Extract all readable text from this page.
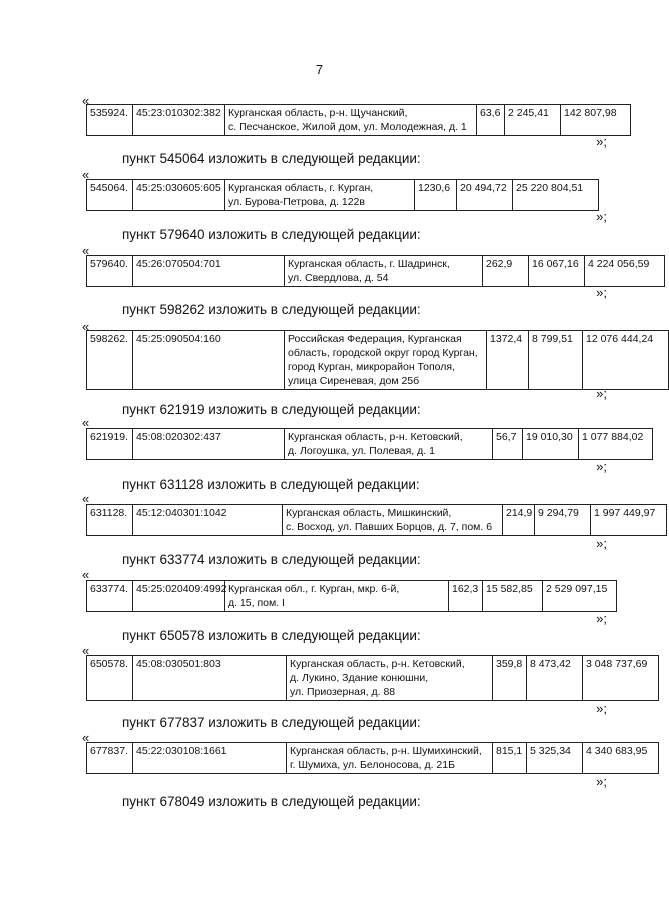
7
«
535924.	45:23:010302:382	Курганская область, р-н. Щучанский,
с. Песчанское, Жилой дом, ул. Молодежная, д. 1
	63,6	2 245,41	142 807,98
»;
пункт 545064 изложить в следующей редакции:
«
545064.	45:25:030605:605	Курганская область, г. Курган,
ул. Бурова-Петрова, д. 122в
	1230,6	20 494,72	25 220 804,51
»;
пункт 579640 изложить в следующей редакции:
«
579640.	45:26:070504:701	Курганская область, г. Шадринск,
ул. Свердлова, д. 54
	262,9	16 067,16	4 224 056,59
»;
пункт 598262 изложить в следующей редакции:
«
598262.	45:25:090504:160	Российская Федерация, Курганская
область, городской округ город Курган,
город Курган, микрорайон Тополя,
улица Сиреневая, дом 25б
	1372,4	8 799,51	12 076 444,24
»;
пункт 621919 изложить в следующей редакции:
«
621919.	45:08:020302:437	Курганская область, р-н. Кетовский,
д. Логоушка, ул. Полевая, д. 1
	56,7	19 010,30	1 077 884,02
»;
пункт 631128 изложить в следующей редакции:
«
631128.	45:12:040301:1042	Курганская область, Мишкинский,
с. Восход, ул. Павших Борцов, д. 7, пом. 6
	214,9	9 294,79	1 997 449,97
»;
пункт 633774 изложить в следующей редакции:
«
633774.	45:25:020409:4992	Курганская обл., г. Курган, мкр. 6-й,
д. 15, пом. I
	162,3	15 582,85	2 529 097,15
»;
пункт 650578 изложить в следующей редакции:
«
650578.	45:08:030501:803	Курганская область, р-н. Кетовский,
д. Лукино, Здание конюшни,
ул. Приозерная, д. 88
	359,8	8 473,42	3 048 737,69
»;
пункт 677837 изложить в следующей редакции:
«
677837.	45:22:030108:1661	Курганская область, р-н. Шумихинский,
г. Шумиха, ул. Белоносова, д. 21Б
	815,1	5 325,34	4 340 683,95
»;
пункт 678049 изложить в следующей редакции:
